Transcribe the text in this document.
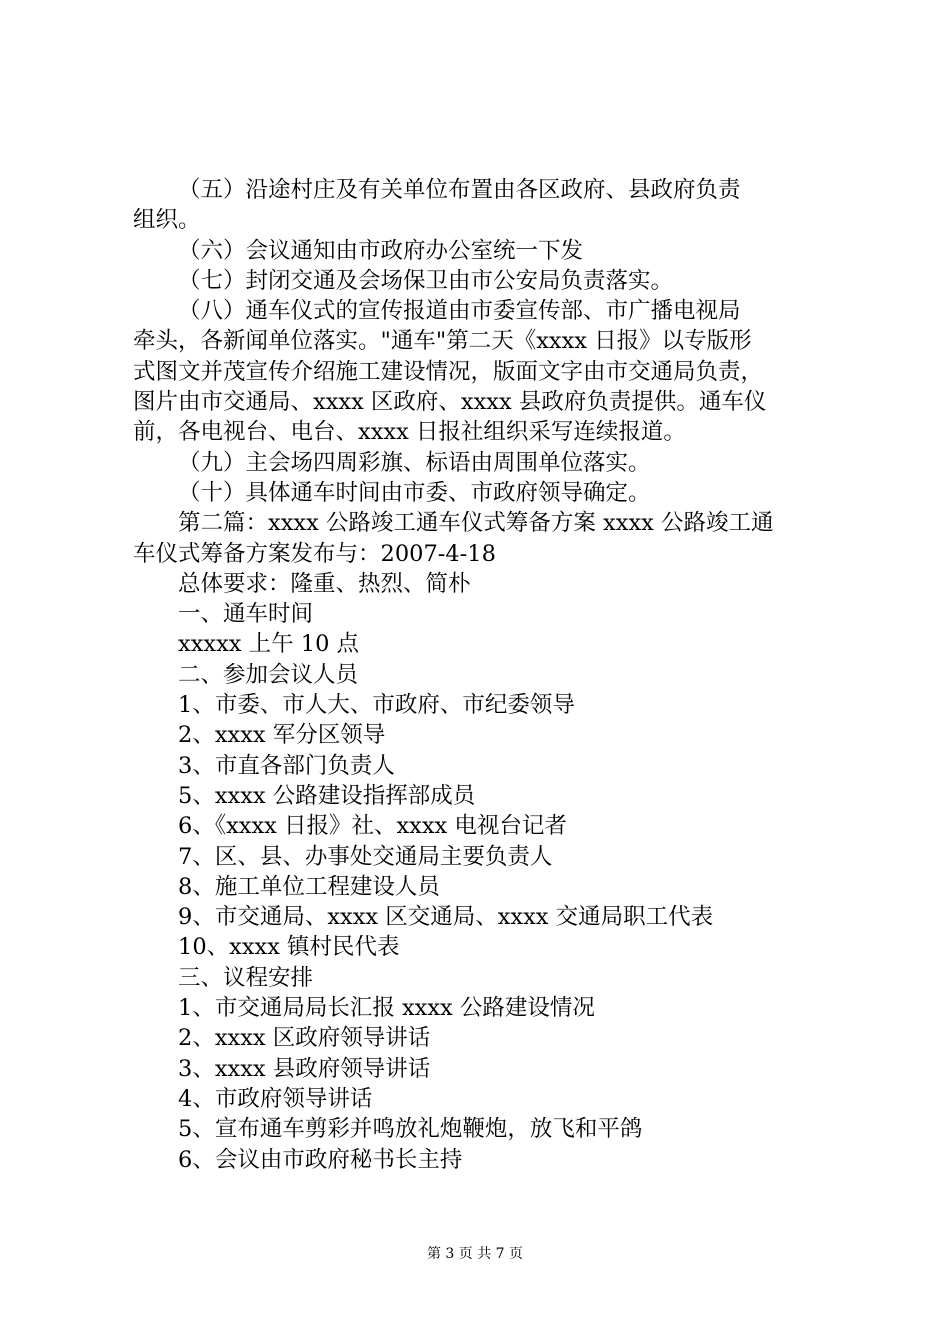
（五）沿途村庄及有关单位布置由各区政府、县政府负责
组织。
（六）会议通知由市政府办公室统一下发
（七）封闭交通及会场保卫由市公安局负责落实。
（八）通车仪式的宣传报道由市委宣传部、市广播电视局
牵头，各新闻单位落实。"通车"第二天《xxxx 日报》以专版形
式图文并茂宣传介绍施工建设情况，版面文字由市交通局负责，
图片由市交通局、xxxx 区政府、xxxx 县政府负责提供。通车仪
前，各电视台、电台、xxxx 日报社组织采写连续报道。
（九）主会场四周彩旗、标语由周围单位落实。
（十）具体通车时间由市委、市政府领导确定。
第二篇：xxxx 公路竣工通车仪式筹备方案 xxxx 公路竣工通
车仪式筹备方案发布与：2007-4-18
总体要求：隆重、热烈、简朴
一、通车时间
xxxxx 上午 10 点
二、参加会议人员
1、市委、市人大、市政府、市纪委领导
2、xxxx 军分区领导
3、市直各部门负责人
5、xxxx 公路建设指挥部成员
6、《xxxx 日报》社、xxxx 电视台记者
7、区、县、办事处交通局主要负责人
8、施工单位工程建设人员
9、市交通局、xxxx 区交通局、xxxx 交通局职工代表
10、xxxx 镇村民代表
三、议程安排
1、市交通局局长汇报 xxxx 公路建设情况
2、xxxx 区政府领导讲话
3、xxxx 县政府领导讲话
4、市政府领导讲话
5、宣布通车剪彩并鸣放礼炮鞭炮，放飞和平鸽
6、会议由市政府秘书长主持
第 3 页 共 7 页
